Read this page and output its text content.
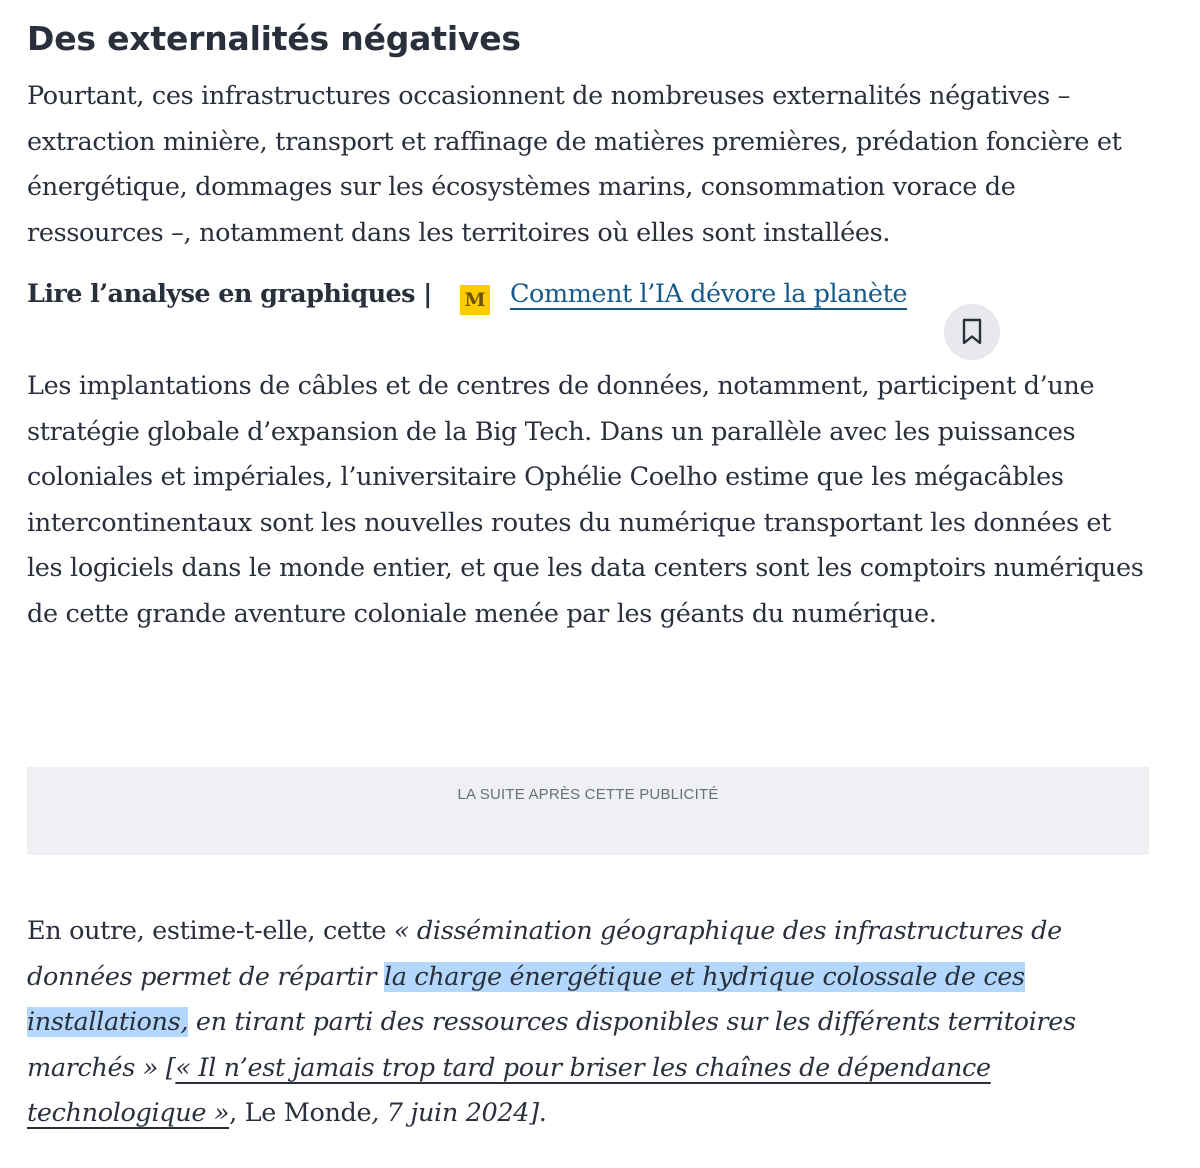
Des externalités négatives

Pourtant, ces infrastructures occasionnent de nombreuses externalités négatives – extraction minière, transport et raffinage de matières premières, prédation foncière et énergétique, dommages sur les écosystèmes marins, consommation vorace de ressources –, notamment dans les territoires où elles sont installées.

Lire l’analyse en graphiques | M Comment l’IA dévore la planète

Les implantations de câbles et de centres de données, notamment, participent d’une stratégie globale d’expansion de la Big Tech. Dans un parallèle avec les puissances coloniales et impériales, l’universitaire Ophélie Coelho estime que les mégacâbles intercontinentaux sont les nouvelles routes du numérique transportant les données et les logiciels dans le monde entier, et que les data centers sont les comptoirs numériques de cette grande aventure coloniale menée par les géants du numérique.

LA SUITE APRÈS CETTE PUBLICITÉ

En outre, estime-t-elle, cette « dissémination géographique des infrastructures de données permet de répartir la charge énergétique et hydrique colossale de ces installations, en tirant parti des ressources disponibles sur les différents territoires marchés » [« Il n’est jamais trop tard pour briser les chaînes de dépendance technologique », Le Monde, 7 juin 2024].
